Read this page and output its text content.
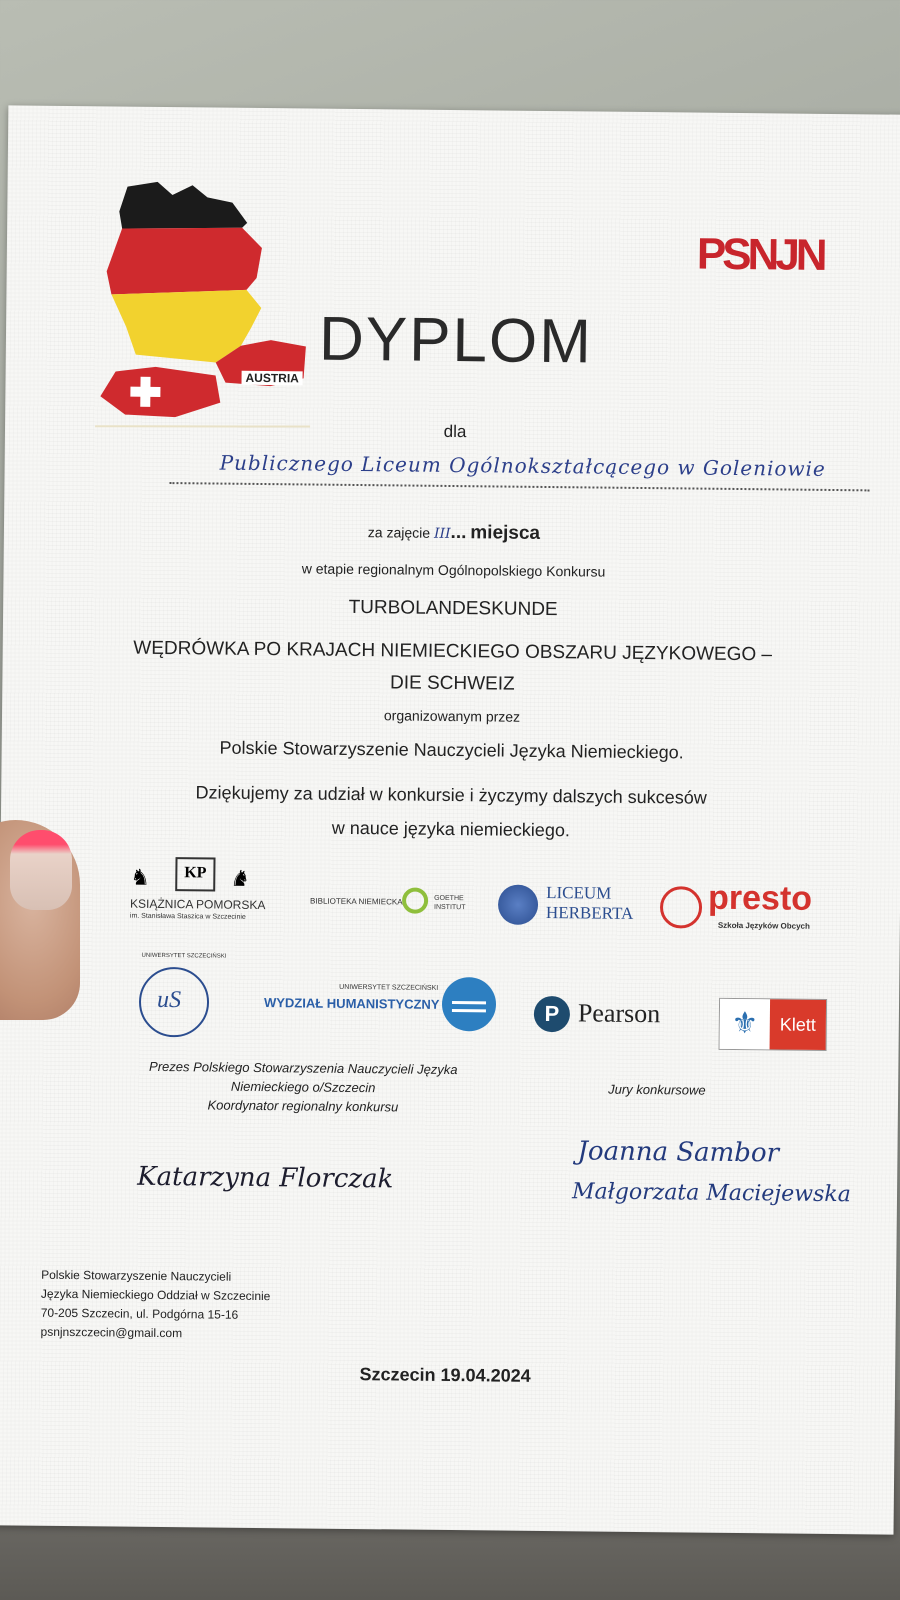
AUSTRIA
PSNJN
DYPLOM
dla
Publicznego Liceum Ogólnokształcącego w Goleniowie
za zajęcie III... miejsca
w etapie regionalnym Ogólnopolskiego Konkursu
TURBOLANDESKUNDE
WĘDRÓWKA PO KRAJACH NIEMIECKIEGO OBSZARU JĘZYKOWEGO –
DIE SCHWEIZ
organizowanym przez
Polskie Stowarzyszenie Nauczycieli Języka Niemieckiego.
Dziękujemy za udział w konkursie i życzymy dalszych sukcesów
w nauce języka niemieckiego.
KP
♞	♞
KSIĄŻNICA POMORSKA
im. Stanisława Staszica w Szczecinie
BIBLIOTEKA NIEMIECKA	GOETHE INSTITUT
LICEUM
HERBERTA presto
Szkoła Języków Obcych
uS
UNIWERSYTET SZCZECIŃSKI
UNIWERSYTET SZCZECIŃSKI
WYDZIAŁ HUMANISTYCZNY	P Pearson	⚜	Klett
Prezes Polskiego Stowarzyszenia Nauczycieli Języka
Niemieckiego o/Szczecin
Koordynator regionalny konkursu
Jury konkursowe
Katarzyna Florczak
Joanna Sambor
Małgorzata Maciejewska
Polskie Stowarzyszenie Nauczycieli
Języka Niemieckiego Oddział w Szczecinie
70-205 Szczecin, ul. Podgórna 15-16
psnjnszczecin@gmail.com
Szczecin 19.04.2024
